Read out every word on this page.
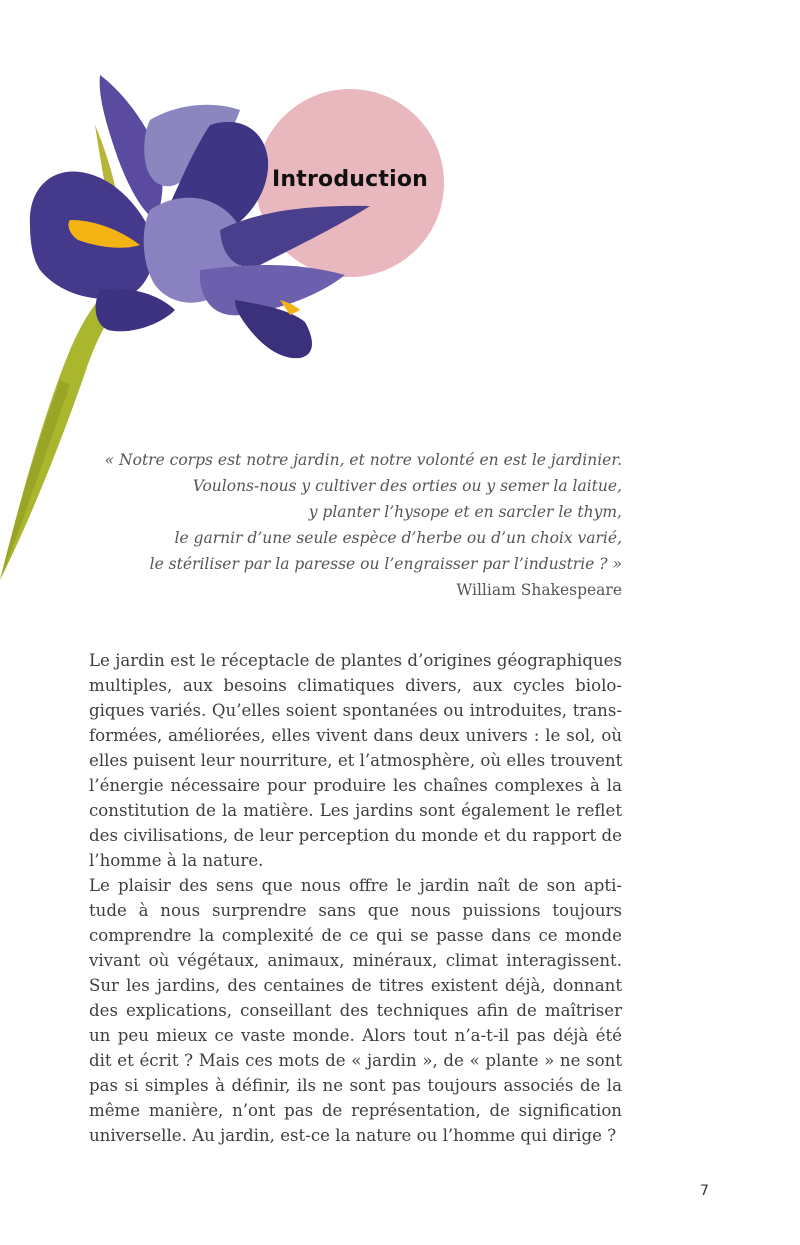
Introduction
« Notre corps est notre jardin, et notre volonté en est le jardinier.
Voulons-nous y cultiver des orties ou y semer la laitue,
y planter l’hysope et en sarcler le thym,
le garnir d’une seule espèce d’herbe ou d’un choix varié,
le stériliser par la paresse ou l’engraisser par l’industrie ? »
William Shakespeare
Le jardin est le réceptacle de plantes d’origines géographiques
multiples, aux besoins climatiques divers, aux cycles biolo-
giques variés. Qu’elles soient spontanées ou introduites, trans-
formées, améliorées, elles vivent dans deux univers : le sol, où
elles puisent leur nourriture, et l’atmosphère, où elles trouvent
l’énergie nécessaire pour produire les chaînes complexes à la
constitution de la matière. Les jardins sont également le reflet
des civilisations, de leur perception du monde et du rapport de
l’homme à la nature.
Le plaisir des sens que nous offre le jardin naît de son apti-
tude à nous surprendre sans que nous puissions toujours
comprendre la complexité de ce qui se passe dans ce monde
vivant où végétaux, animaux, minéraux, climat interagissent.
Sur les jardins, des centaines de titres existent déjà, donnant
des explications, conseillant des techniques afin de maîtriser
un peu mieux ce vaste monde. Alors tout n’a-t-il pas déjà été
dit et écrit ? Mais ces mots de « jardin », de « plante » ne sont
pas si simples à définir, ils ne sont pas toujours associés de la
même manière, n’ont pas de représentation, de signification
universelle. Au jardin, est-ce la nature ou l’homme qui dirige ?
7
